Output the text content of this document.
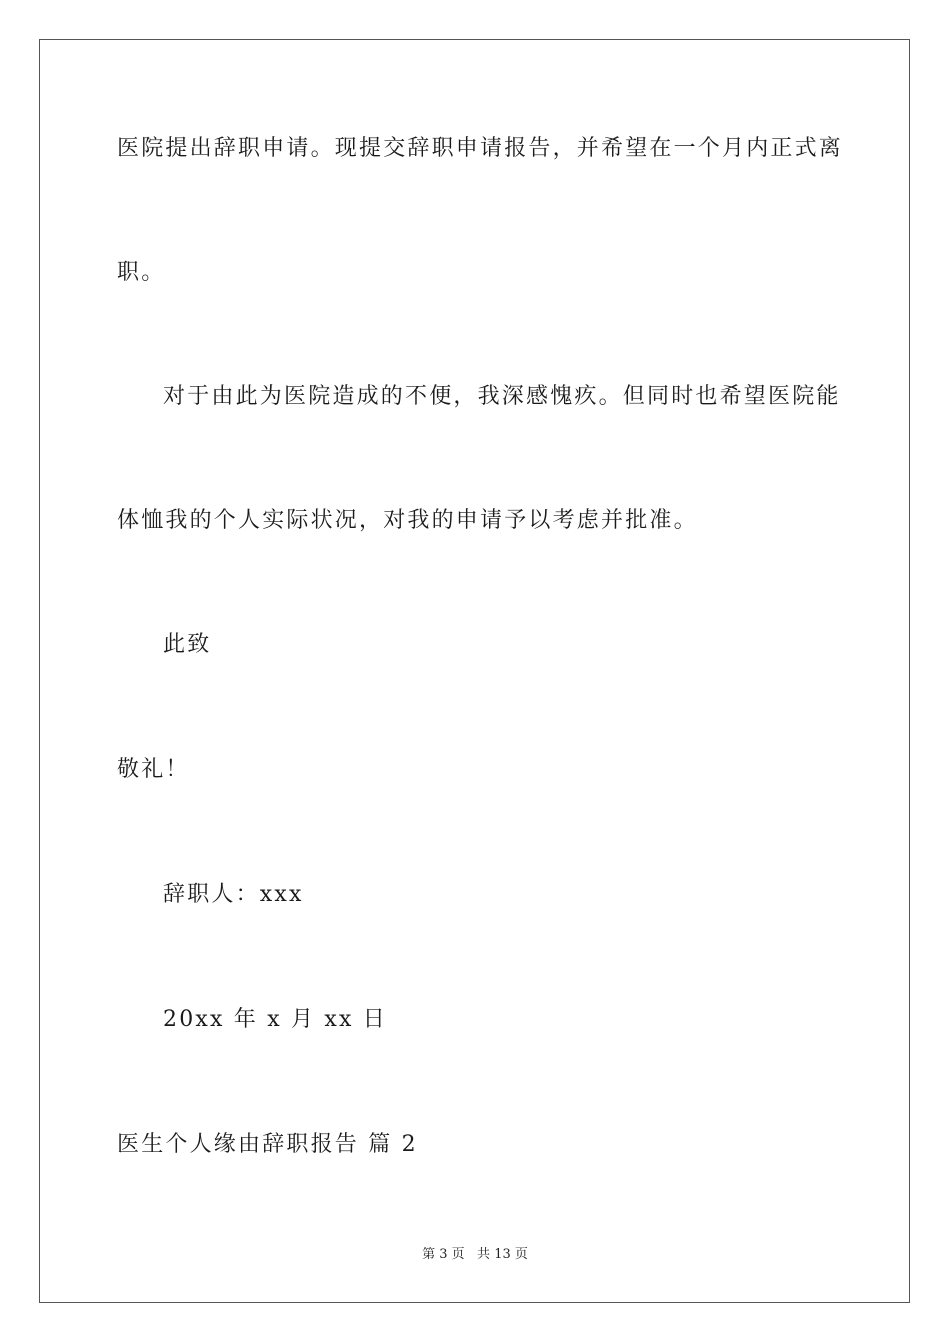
医院提出辞职申请。现提交辞职申请报告，并希望在一个月内正式离
职。
对于由此为医院造成的不便，我深感愧疚。但同时也希望医院能
体恤我的个人实际状况，对我的申请予以考虑并批准。
此致
敬礼！
辞职人：xxx
20xx 年 x 月 xx 日
医生个人缘由辞职报告 篇 2
第 3 页   共 13 页
